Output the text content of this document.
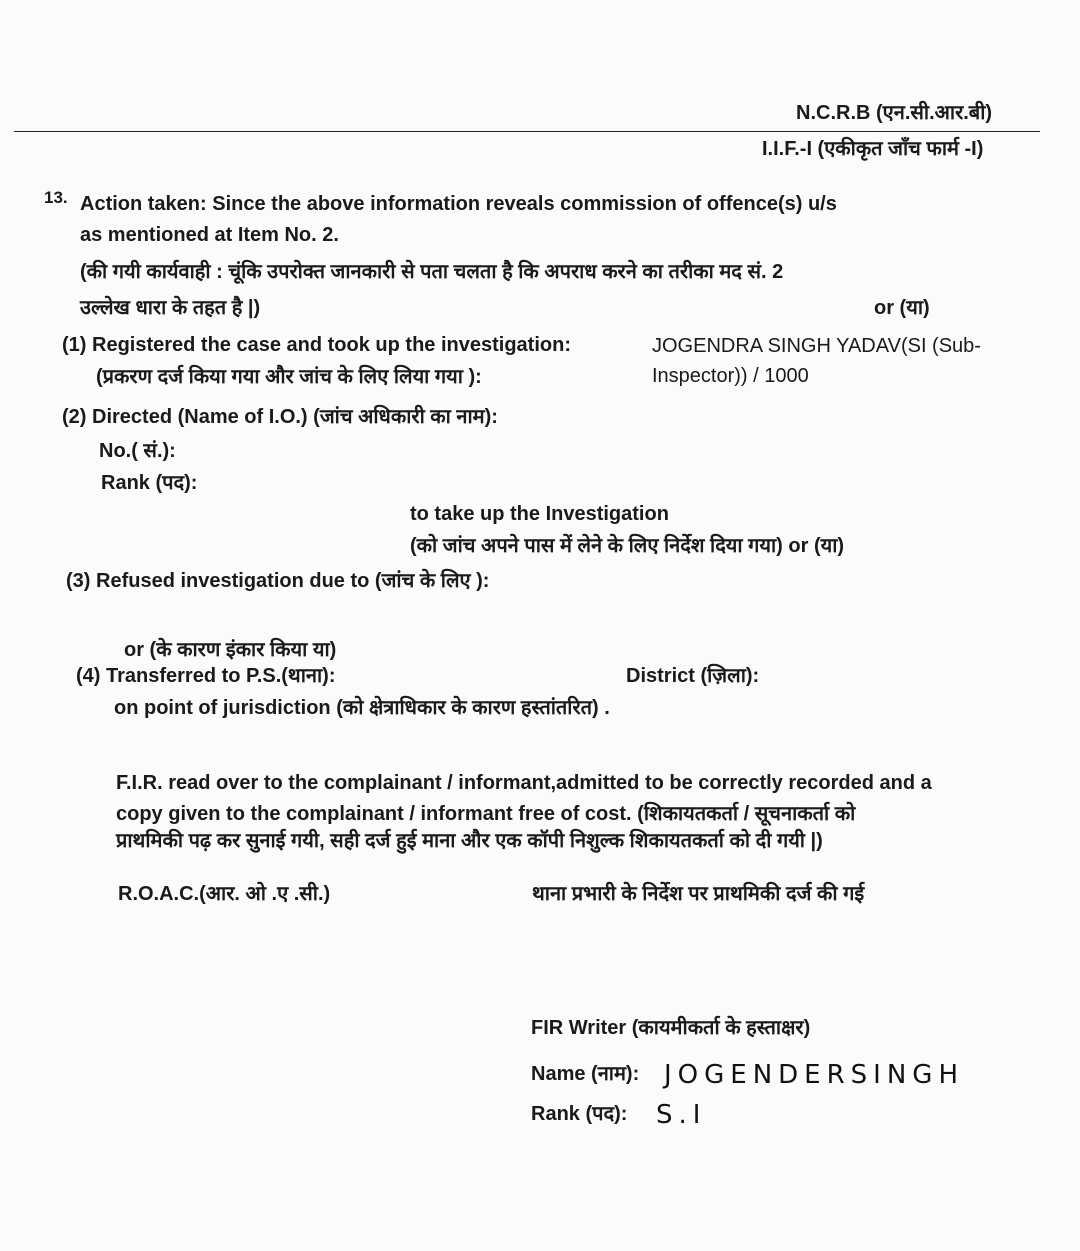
N.C.R.B (एन.सी.आर.बी)
I.I.F.-I (एकीकृत जाँच फार्म -I)
13. Action taken: Since the above information reveals commission of offence(s) u/s
as mentioned at Item No. 2.
(की गयी कार्यवाही : चूंकि उपरोक्त जानकारी से पता चलता है कि अपराध करने का तरीका मद सं. 2
उल्लेख धारा के तहत है |)	or (या)
(1) Registered the case and took up the investigation:
(प्रकरण दर्ज किया गया और जांच के लिए लिया गया ):
JOGENDRA SINGH YADAV(SI (Sub-
Inspector)) / 1000
(2) Directed (Name of I.O.) (जांच अधिकारी का नाम):
No.( सं.):
Rank (पद):
to take up the Investigation
(को जांच अपने पास में लेने के लिए निर्देश दिया गया) or (या)
(3) Refused investigation due to (जांच के लिए ):
or (के कारण इंकार किया या)
(4) Transferred to P.S.(थाना):	District (ज़िला):
on point of jurisdiction (को क्षेत्राधिकार के कारण हस्तांतरित) .
F.I.R. read over to the complainant / informant,admitted to be correctly recorded and a
copy given to the complainant / informant free of cost. (शिकायतकर्ता / सूचनाकर्ता को
प्राथमिकी पढ़ कर सुनाई गयी, सही दर्ज हुई माना और एक कॉपी निशुल्क शिकायतकर्ता को दी गयी |)
R.O.A.C.(आर. ओ .ए .सी.)	थाना प्रभारी के निर्देश पर प्राथमिकी दर्ज की गई
FIR Writer (कायमीकर्ता के हस्ताक्षर)
Name (नाम): JOGENDERSINGH
Rank (पद): S.I
